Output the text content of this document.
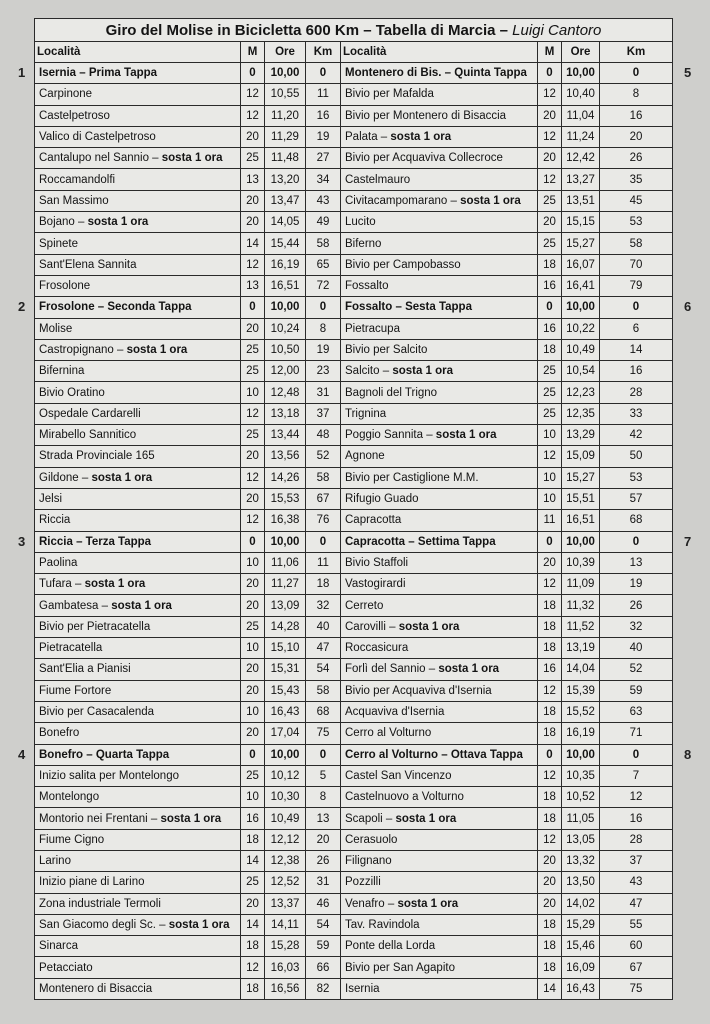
Giro del Molise in Bicicletta 600 Km – Tabella di Marcia – Luigi Cantoro							
Località	M	Ore	Km	Località	M	Ore	Km
Isernia – Prima Tappa	0	10,00	0	Montenero di Bis. – Quinta Tappa	0	10,00	0
Carpinone	12	10,55	11	Bivio per Mafalda	12	10,40	8
Castelpetroso	12	11,20	16	Bivio per Montenero di Bisaccia	20	11,04	16
Valico di Castelpetroso	20	11,29	19	Palata – sosta 1 ora	12	11,24	20
Cantalupo nel Sannio – sosta 1 ora	25	11,48	27	Bivio per Acquaviva Collecroce	20	12,42	26
Roccamandolfi	13	13,20	34	Castelmauro	12	13,27	35
San Massimo	20	13,47	43	Civitacampomarano – sosta 1 ora	25	13,51	45
Bojano – sosta 1 ora	20	14,05	49	Lucito	20	15,15	53
Spinete	14	15,44	58	Biferno	25	15,27	58
Sant'Elena Sannita	12	16,19	65	Bivio per Campobasso	18	16,07	70
Frosolone	13	16,51	72	Fossalto	16	16,41	79
Frosolone – Seconda Tappa	0	10,00	0	Fossalto – Sesta Tappa	0	10,00	0
Molise	20	10,24	8	Pietracupa	16	10,22	6
Castropignano – sosta 1 ora	25	10,50	19	Bivio per Salcito	18	10,49	14
Bifernina	25	12,00	23	Salcito – sosta 1 ora	25	10,54	16
Bivio Oratino	10	12,48	31	Bagnoli del Trigno	25	12,23	28
Ospedale Cardarelli	12	13,18	37	Trignina	25	12,35	33
Mirabello Sannitico	25	13,44	48	Poggio Sannita – sosta 1 ora	10	13,29	42
Strada Provinciale 165	20	13,56	52	Agnone	12	15,09	50
Gildone – sosta 1 ora	12	14,26	58	Bivio per Castiglione M.M.	10	15,27	53
Jelsi	20	15,53	67	Rifugio Guado	10	15,51	57
Riccia	12	16,38	76	Capracotta	11	16,51	68
Riccia – Terza Tappa	0	10,00	0	Capracotta – Settima Tappa	0	10,00	0
Paolina	10	11,06	11	Bivio Staffoli	20	10,39	13
Tufara – sosta 1 ora	20	11,27	18	Vastogirardi	12	11,09	19
Gambatesa – sosta 1 ora	20	13,09	32	Cerreto	18	11,32	26
Bivio per Pietracatella	25	14,28	40	Carovilli – sosta 1 ora	18	11,52	32
Pietracatella	10	15,10	47	Roccasicura	18	13,19	40
Sant'Elia a Pianisi	20	15,31	54	Forlì del Sannio – sosta 1 ora	16	14,04	52
Fiume Fortore	20	15,43	58	Bivio per Acquaviva d'Isernia	12	15,39	59
Bivio per Casacalenda	10	16,43	68	Acquaviva d'Isernia	18	15,52	63
Bonefro	20	17,04	75	Cerro al Volturno	18	16,19	71
Bonefro – Quarta Tappa	0	10,00	0	Cerro al Volturno – Ottava Tappa	0	10,00	0
Inizio salita per Montelongo	25	10,12	5	Castel San Vincenzo	12	10,35	7
Montelongo	10	10,30	8	Castelnuovo a Volturno	18	10,52	12
Montorio nei Frentani – sosta 1 ora	16	10,49	13	Scapoli – sosta 1 ora	18	11,05	16
Fiume Cigno	18	12,12	20	Cerasuolo	12	13,05	28
Larino	14	12,38	26	Filignano	20	13,32	37
Inizio piane di Larino	25	12,52	31	Pozzilli	20	13,50	43
Zona industriale Termoli	20	13,37	46	Venafro – sosta 1 ora	20	14,02	47
San Giacomo degli Sc. – sosta 1 ora	14	14,11	54	Tav. Ravindola	18	15,29	55
Sinarca	18	15,28	59	Ponte della Lorda	18	15,46	60
Petacciato	12	16,03	66	Bivio per San Agapito	18	16,09	67
Montenero di Bisaccia	18	16,56	82	Isernia	14	16,43	75
1	5
2	6
3	7
4	8
